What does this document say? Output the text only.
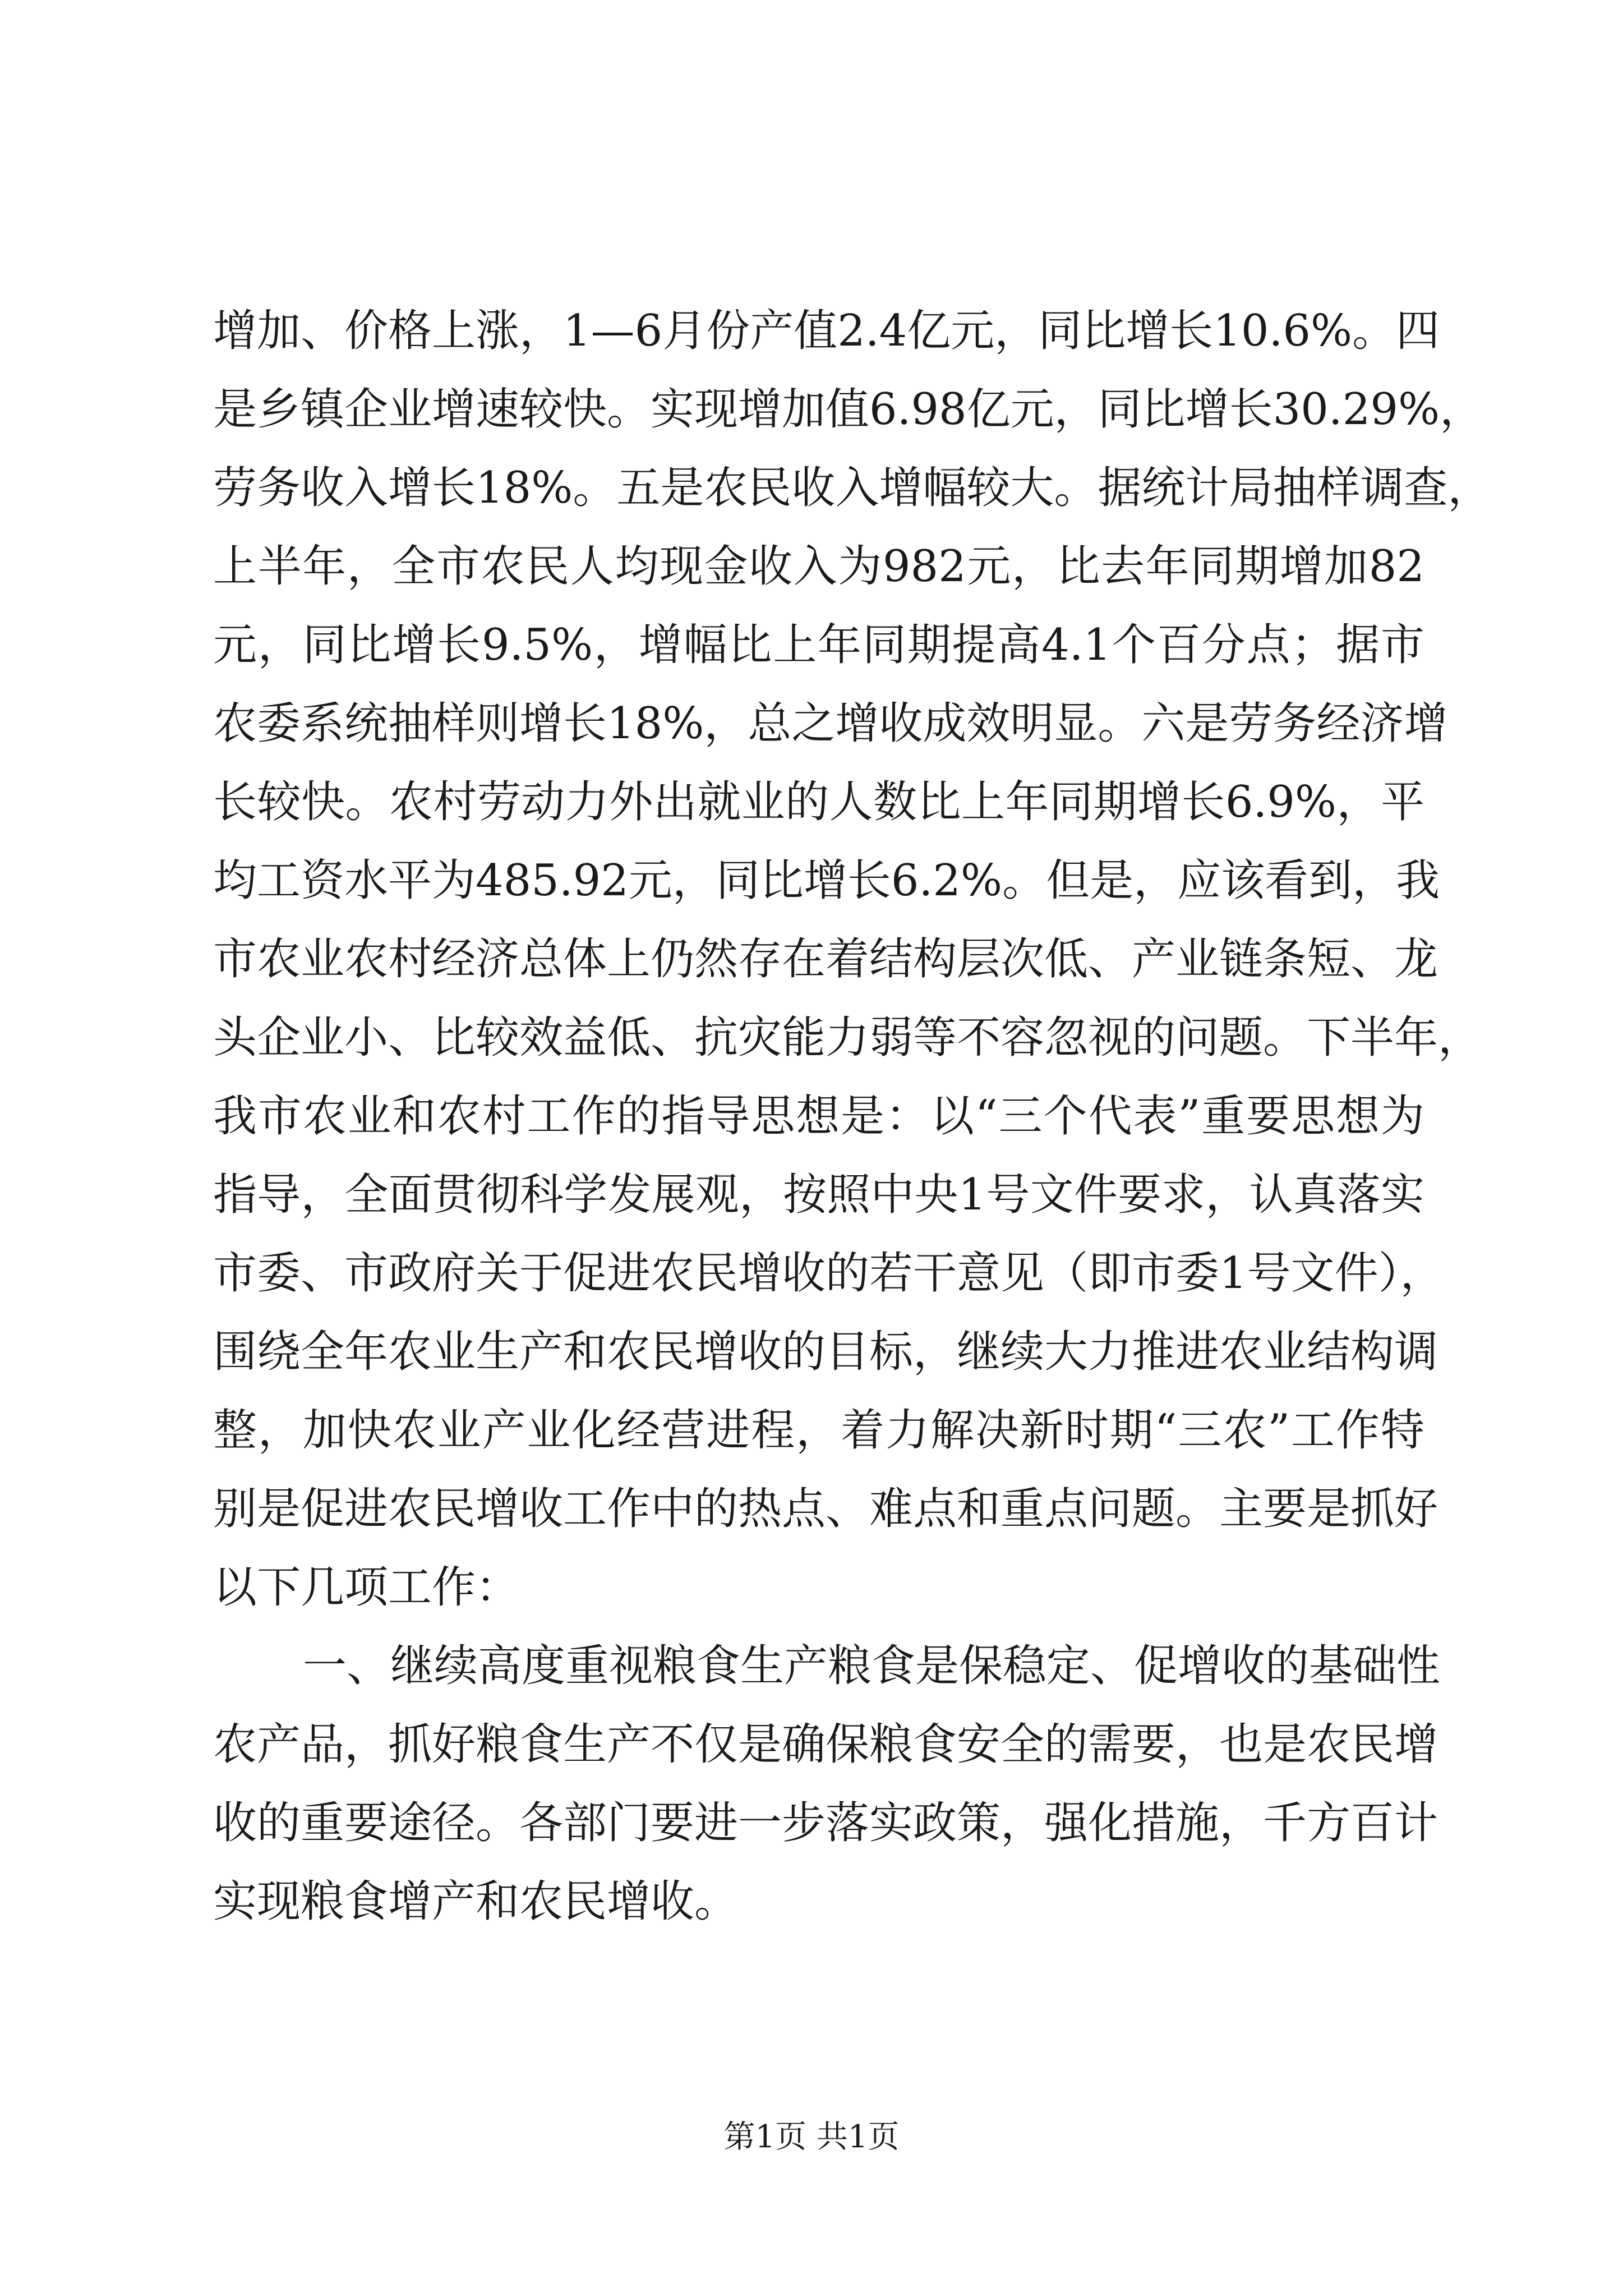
增加、价格上涨，1—6月份产值2.4亿元，同比增长10.6%。四
是乡镇企业增速较快。实现增加值6.98亿元，同比增长30.29%，
劳务收入增长18%。五是农民收入增幅较大。据统计局抽样调查，
上半年，全市农民人均现金收入为982元，比去年同期增加82
元，同比增长9.5%，增幅比上年同期提高4.1个百分点；据市
农委系统抽样则增长18%，总之增收成效明显。六是劳务经济增
长较快。农村劳动力外出就业的人数比上年同期增长6.9%，平
均工资水平为485.92元，同比增长6.2%。但是，应该看到，我
市农业农村经济总体上仍然存在着结构层次低、产业链条短、龙
头企业小、比较效益低、抗灾能力弱等不容忽视的问题。下半年，
我市农业和农村工作的指导思想是：以“三个代表”重要思想为
指导，全面贯彻科学发展观，按照中央1号文件要求，认真落实
市委、市政府关于促进农民增收的若干意见（即市委1号文件），
围绕全年农业生产和农民增收的目标，继续大力推进农业结构调
整，加快农业产业化经营进程，着力解决新时期“三农”工作特
别是促进农民增收工作中的热点、难点和重点问题。主要是抓好
以下几项工作：
一、继续高度重视粮食生产粮食是保稳定、促增收的基础性
农产品，抓好粮食生产不仅是确保粮食安全的需要，也是农民增
收的重要途径。各部门要进一步落实政策，强化措施，千方百计
实现粮食增产和农民增收。
第1页 共1页
